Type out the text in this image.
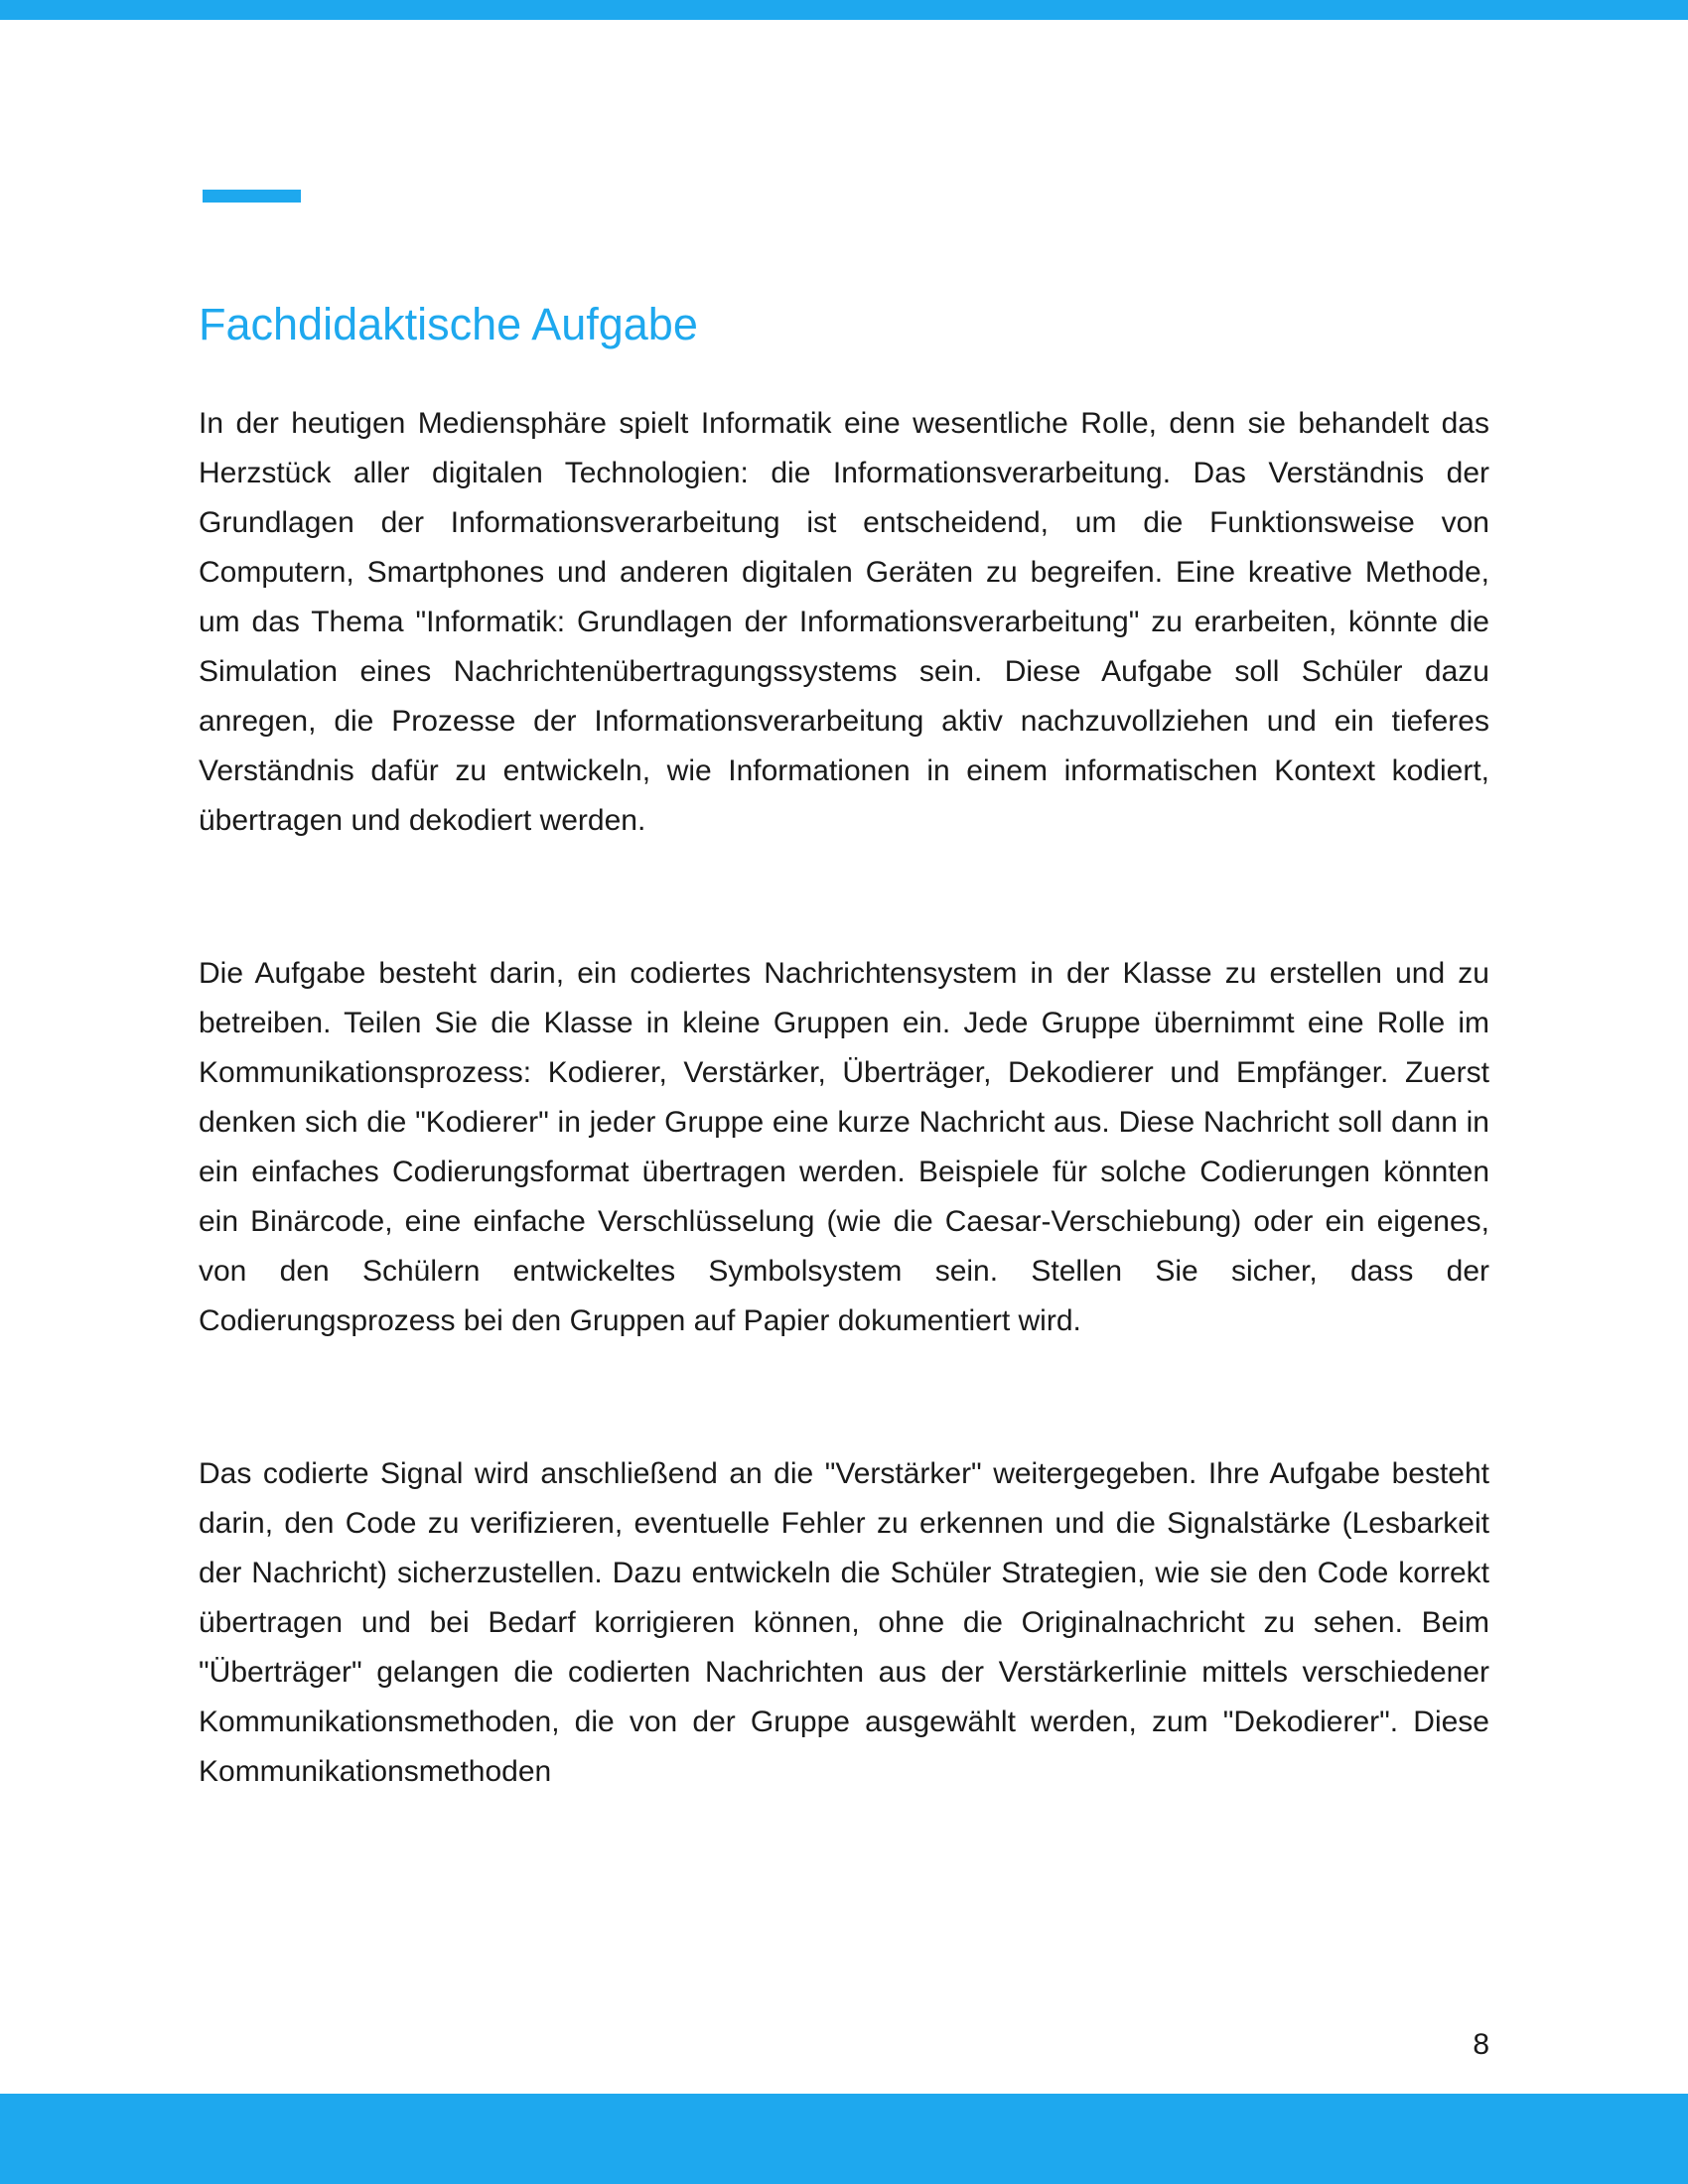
Fachdidaktische Aufgabe

In der heutigen Mediensphäre spielt Informatik eine wesentliche Rolle, denn sie behandelt das Herzstück aller digitalen Technologien: die Informationsverarbeitung. Das Verständnis der Grundlagen der Informationsverarbeitung ist entscheidend, um die Funktionsweise von Computern, Smartphones und anderen digitalen Geräten zu begreifen. Eine kreative Methode, um das Thema "Informatik: Grundlagen der Informationsverarbeitung" zu erarbeiten, könnte die Simulation eines Nachrichtenübertragungssystems sein. Diese Aufgabe soll Schüler dazu anregen, die Prozesse der Informationsverarbeitung aktiv nachzuvollziehen und ein tieferes Verständnis dafür zu entwickeln, wie Informationen in einem informatischen Kontext kodiert, übertragen und dekodiert werden.

Die Aufgabe besteht darin, ein codiertes Nachrichtensystem in der Klasse zu erstellen und zu betreiben. Teilen Sie die Klasse in kleine Gruppen ein. Jede Gruppe übernimmt eine Rolle im Kommunikationsprozess: Kodierer, Verstärker, Überträger, Dekodierer und Empfänger. Zuerst denken sich die "Kodierer" in jeder Gruppe eine kurze Nachricht aus. Diese Nachricht soll dann in ein einfaches Codierungsformat übertragen werden. Beispiele für solche Codierungen könnten ein Binärcode, eine einfache Verschlüsselung (wie die Caesar-Verschiebung) oder ein eigenes, von den Schülern entwickeltes Symbolsystem sein. Stellen Sie sicher, dass der Codierungsprozess bei den Gruppen auf Papier dokumentiert wird.

Das codierte Signal wird anschließend an die "Verstärker" weitergegeben. Ihre Aufgabe besteht darin, den Code zu verifizieren, eventuelle Fehler zu erkennen und die Signalstärke (Lesbarkeit der Nachricht) sicherzustellen. Dazu entwickeln die Schüler Strategien, wie sie den Code korrekt übertragen und bei Bedarf korrigieren können, ohne die Originalnachricht zu sehen. Beim "Überträger" gelangen die codierten Nachrichten aus der Verstärkerlinie mittels verschiedener Kommunikationsmethoden, die von der Gruppe ausgewählt werden, zum "Dekodierer". Diese Kommunikationsmethoden

8
